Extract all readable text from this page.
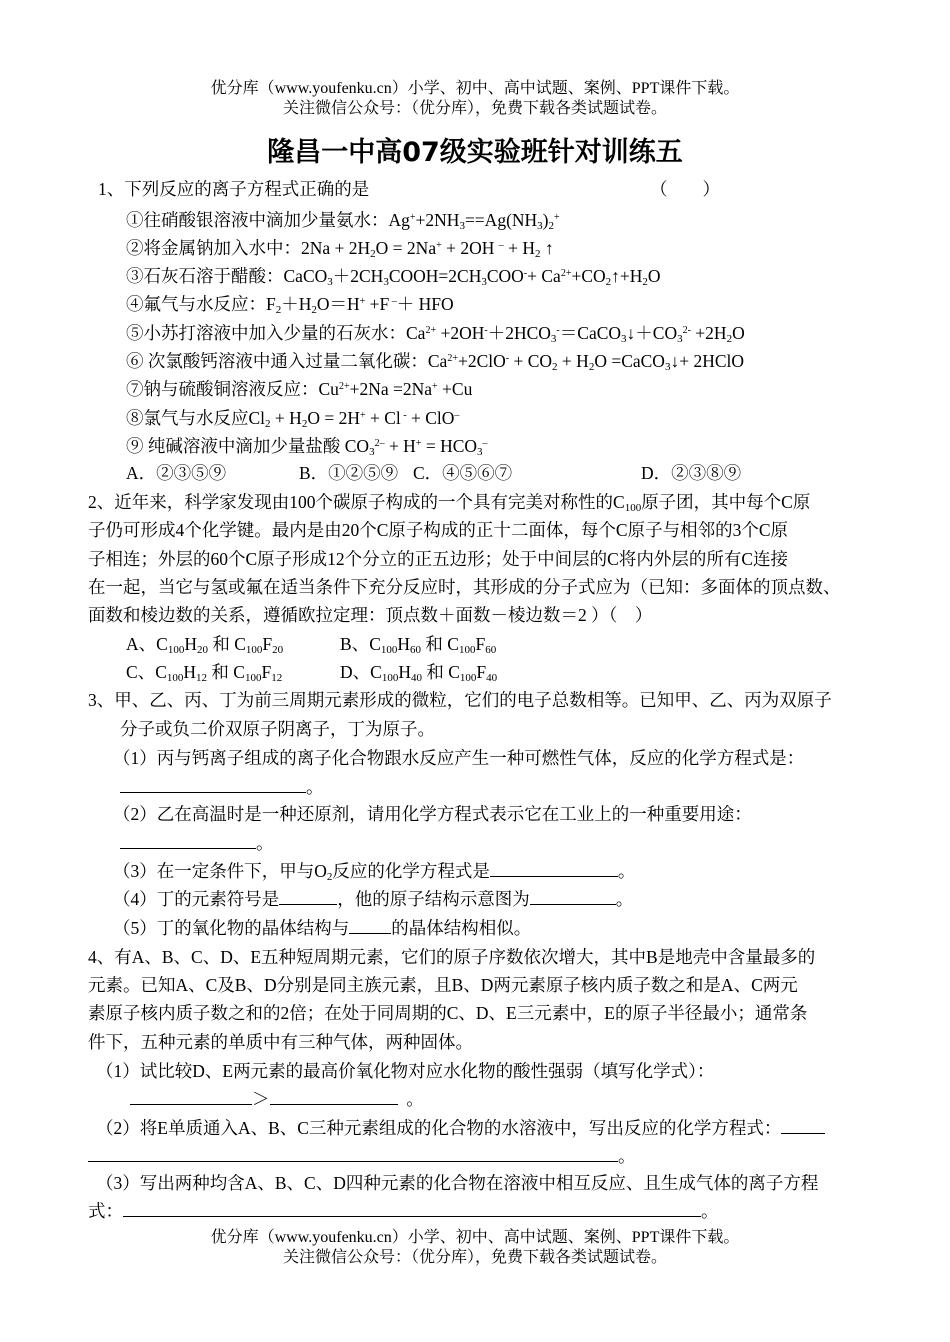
优分库（www.youfenku.cn）小学、初中、高中试题、案例、PPT课件下载。
关注微信公众号：（优分库），免费下载各类试题试卷。
隆昌一中高07级实验班针对训练五
1、下列反应的离子方程式正确的是	（　　）
①往硝酸银溶液中滴加少量氨水：$Ag^++2NH_3==Ag(NH_3)_2^+$
②将金属钠加入水中：$2Na + 2H_2O = 2Na^+ + 2OH$ $^- + H_2$ ↑
③石灰石溶于醋酸：$CaCO_3+2CH_3COOH=2CH_3COO^-+$ $Ca^{2+}+CO_2↑+H_2O$
④氟气与水反应：$F_2+H_2O=H^+ +F$ –＋ HFO
⑤小苏打溶液中加入少量的石灰水：$Ca^{2+}$ $+2OH^-+2HCO_3^-=CaCO_3↓+CO_3^{2-} +2H_2O$
⑥ 次氯酸钙溶液中通入过量二氧化碳：$Ca^{2+}+2ClO^- + CO_2 + H_2O$ =CaCO$_3$↓+ 2HClO
⑦钠与硫酸铜溶液反应：$Cu^{2+}+2Na =2Na^+ +Cu$
⑧氯气与水反应$Cl_2 + H_2O = 2H^+ + Cl$ - + ClO–
⑨ 纯碱溶液中滴加少量盐酸 $CO_3^{2-} + H^+ = HCO_3^-$
A．②③⑤⑨	B．①②⑤⑨ C．④⑤⑥⑦	D．②③⑧⑨
2、近年来，科学家发现由100个碳原子构成的一个具有完美对称性的$C_{100}$原子团，其中每个C原
子仍可形成4个化学键。最内是由20个C原子构成的正十二面体，每个C原子与相邻的3个C原
子相连；外层的60个C原子形成12个分立的正五边形；处于中间层的C将内外层的所有C连接
在一起，当它与氢或氟在适当条件下充分反应时，其形成的分子式应为（已知：多面体的顶点数、
面数和棱边数的关系，遵循欧拉定理：顶点数＋面数－棱边数＝2 ）（　）
A、$C_{100}H_{20}$ 和 $C_{100}F_{20}$	B、$C_{100}H_{60}$ 和 $C_{100}F_{60}$
C、$C_{100}H_{12}$ 和 $C_{100}F_{12}$	D、$C_{100}H_{40}$ 和 $C_{100}F_{40}$
3、甲、乙、丙、丁为前三周期元素形成的微粒，它们的电子总数相等。已知甲、乙、丙为双原子
分子或负二价双原子阴离子，丁为原子。
（1）丙与钙离子组成的离子化合物跟水反应产生一种可燃性气体，反应的化学方程式是：
。
（2）乙在高温时是一种还原剂，请用化学方程式表示它在工业上的一种重要用途：
。
（3）在一定条件下，甲与$O_2$反应的化学方程式是	。
（4）丁的元素符号是	，他的原子结构示意图为	。
（5）丁的氧化物的晶体结构与 的晶体结构相似。
4、有A、B、C、D、E五种短周期元素，它们的原子序数依次增大，其中B是地壳中含量最多的
元素。已知A、C及B、D分别是同主族元素，且B、D两元素原子核内质子数之和是A、C两元
素原子核内质子数之和的2倍；在处于同周期的C、D、E三元素中，E的原子半径最小；通常条
件下，五种元素的单质中有三种气体，两种固体。
（1）试比较D、E两元素的最高价氧化物对应水化物的酸性强弱（填写化学式）：
＞	。
（2）将E单质通入A、B、C三种元素组成的化合物的水溶液中，写出反应的化学方程式：
。
（3）写出两种均含A、B、C、D四种元素的化合物在溶液中相互反应、且生成气体的离子方程
式：	。
优分库（www.youfenku.cn）小学、初中、高中试题、案例、PPT课件下载。
关注微信公众号：（优分库），免费下载各类试题试卷。
